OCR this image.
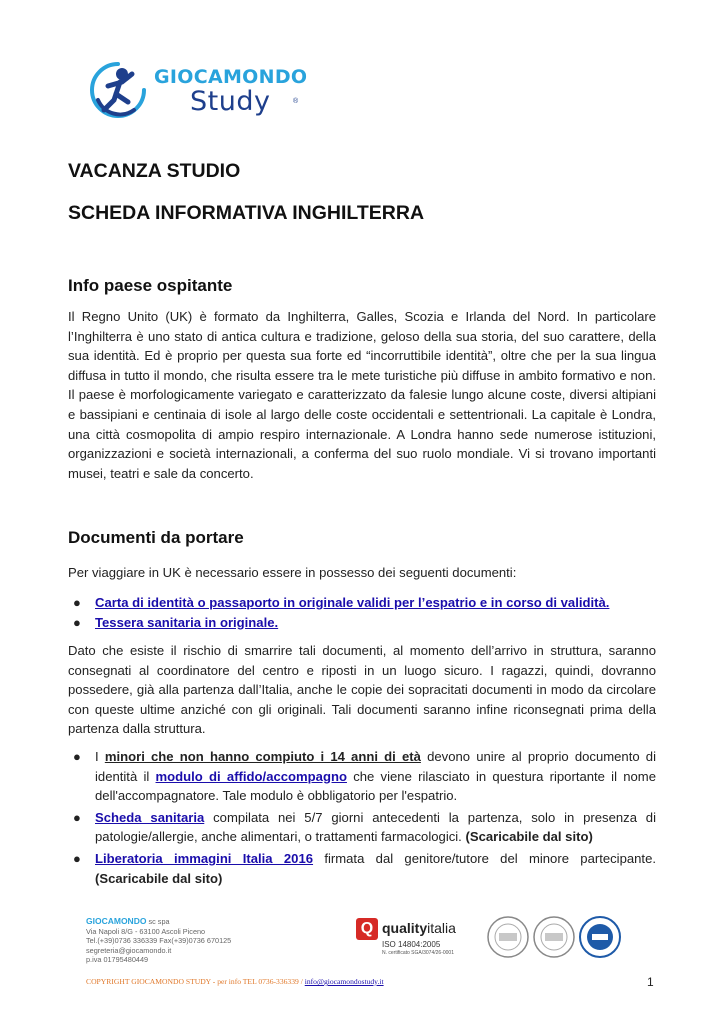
GIOCAMONDO
Study	®
VACANZA STUDIO
SCHEDA INFORMATIVA INGHILTERRA
Info paese ospitante

Il Regno Unito (UK) è formato da Inghilterra, Galles, Scozia e Irlanda del Nord. In particolare l’Inghilterra è uno stato di antica cultura e tradizione, geloso della sua storia, del suo carattere, della sua identità. Ed è proprio per questa sua forte ed “incorruttibile identità”, oltre che per la sua lingua diffusa in tutto il mondo, che risulta essere tra le mete turistiche più diffuse in ambito formativo e non. Il paese è morfologicamente variegato e caratterizzato da falesie lungo alcune coste, diversi altipiani e bassipiani e centinaia di isole al largo delle coste occidentali e settentrionali. La capitale è Londra, una città cosmopolita di ampio respiro internazionale. A Londra hanno sede numerose istituzioni, organizzazioni e società internazionali, a conferma del suo ruolo mondiale. Vi si trovano importanti musei, teatri e sale da concerto.

Documenti da portare

Per viaggiare in UK è necessario essere in possesso dei seguenti documenti:

● Carta di identità o passaporto in originale validi per l’espatrio e in corso di validità.
● Tessera sanitaria in originale.

Dato che esiste il rischio di smarrire tali documenti, al momento dell’arrivo in struttura, saranno consegnati al coordinatore del centro e riposti in un luogo sicuro. I ragazzi, quindi, dovranno possedere, già alla partenza dall’Italia, anche le copie dei sopracitati documenti in modo da circolare con queste ultime anziché con gli originali. Tali documenti saranno infine riconsegnati prima della partenza dalla struttura.

● I minori che non hanno compiuto i 14 anni di età devono unire al proprio documento di identità il modulo di affido/accompagno che viene rilasciato in questura riportante il nome dell'accompagnatore. Tale modulo è obbligatorio per l'espatrio.
● Scheda sanitaria compilata nei 5/7 giorni antecedenti la partenza, solo in presenza di patologie/allergie, anche alimentari, o trattamenti farmacologici. (Scaricabile dal sito)
● Liberatoria immagini Italia 2016 firmata dal genitore/tutore del minore partecipante. (Scaricabile dal sito)
GIOCAMONDO sc spa
Via Napoli 8/G - 63100 Ascoli Piceno
Tel.(+39)0736 336339 Fax(+39)0736 670125
segreteria@giocamondo.it
p.iva 01795480449
Q qualityitalia
ISO 14804:2005
N. certificato SGA/3074/26-0001
COPYRIGHT GIOCAMONDO STUDY - per info TEL 0736-336339 / info@giocamondostudy.it	1
